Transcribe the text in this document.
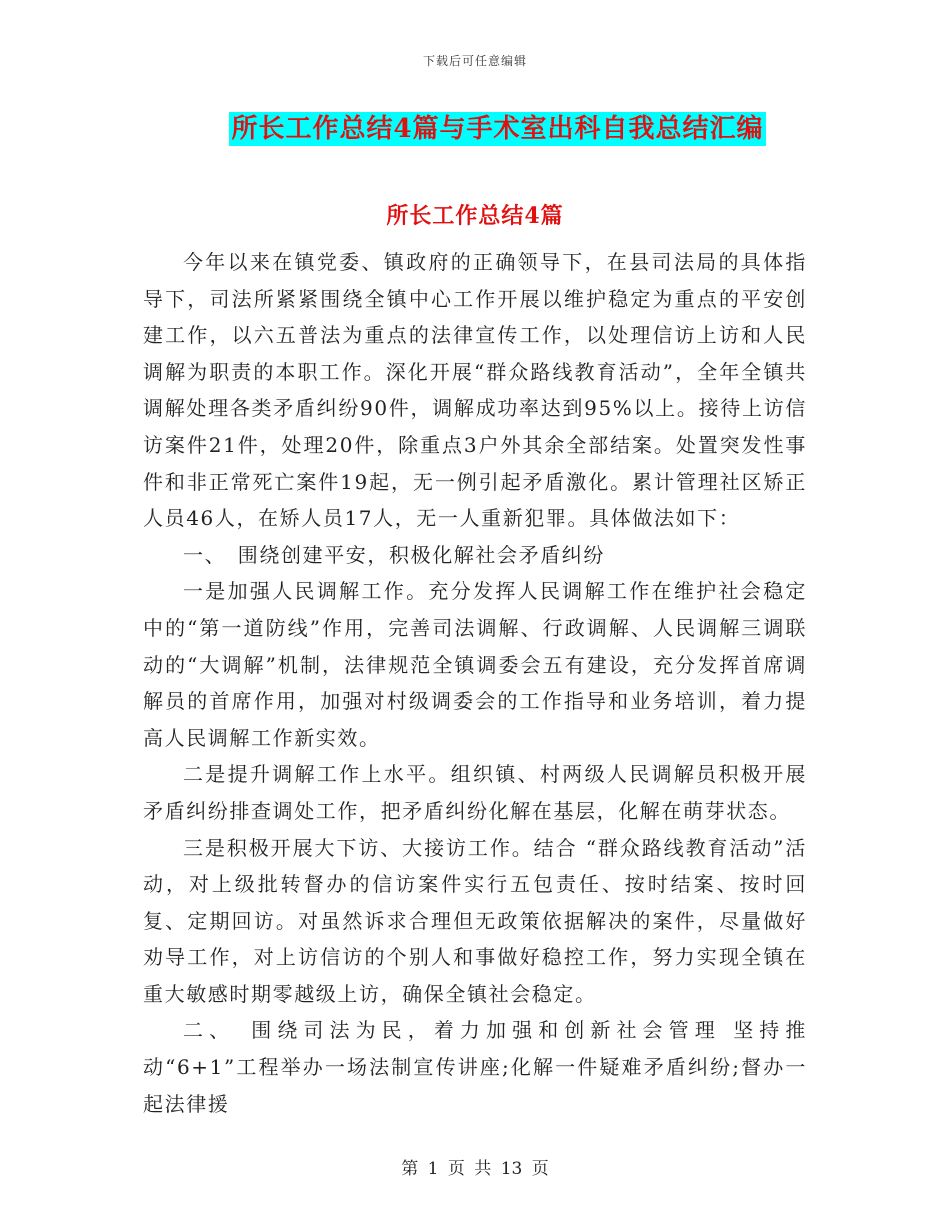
下载后可任意编辑
所长工作总结4篇与手术室出科自我总结汇编
所长工作总结4篇

今年以来在镇党委、镇政府的正确领导下，在县司法局的具体指导下，司法所紧紧围绕全镇中心工作开展以维护稳定为重点的平安创建工作，以六五普法为重点的法律宣传工作，以处理信访上访和人民调解为职责的本职工作。深化开展“群众路线教育活动”，全年全镇共调解处理各类矛盾纠纷90件，调解成功率达到95%以上。接待上访信访案件21件，处理20件，除重点3户外其余全部结案。处置突发性事件和非正常死亡案件19起，无一例引起矛盾激化。累计管理社区矫正人员46人，在矫人员17人，无一人重新犯罪。具体做法如下：

一、　围绕创建平安，积极化解社会矛盾纠纷

一是加强人民调解工作。充分发挥人民调解工作在维护社会稳定中的“第一道防线”作用，完善司法调解、行政调解、人民调解三调联动的“大调解”机制，法律规范全镇调委会五有建设，充分发挥首席调解员的首席作用，加强对村级调委会的工作指导和业务培训，着力提高人民调解工作新实效。

二是提升调解工作上水平。组织镇、村两级人民调解员积极开展矛盾纠纷排查调处工作，把矛盾纠纷化解在基层，化解在萌芽状态。

三是积极开展大下访、大接访工作。结合 “群众路线教育活动”活动，对上级批转督办的信访案件实行五包责任、按时结案、按时回复、定期回访。对虽然诉求合理但无政策依据解决的案件，尽量做好劝导工作，对上访信访的个别人和事做好稳控工作，努力实现全镇在重大敏感时期零越级上访，确保全镇社会稳定。

二、　围绕司法为民，着力加强和创新社会管理 坚持推动“6+1”工程举办一场法制宣传讲座;化解一件疑难矛盾纠纷;督办一起法律援

第 1 页 共 13 页
